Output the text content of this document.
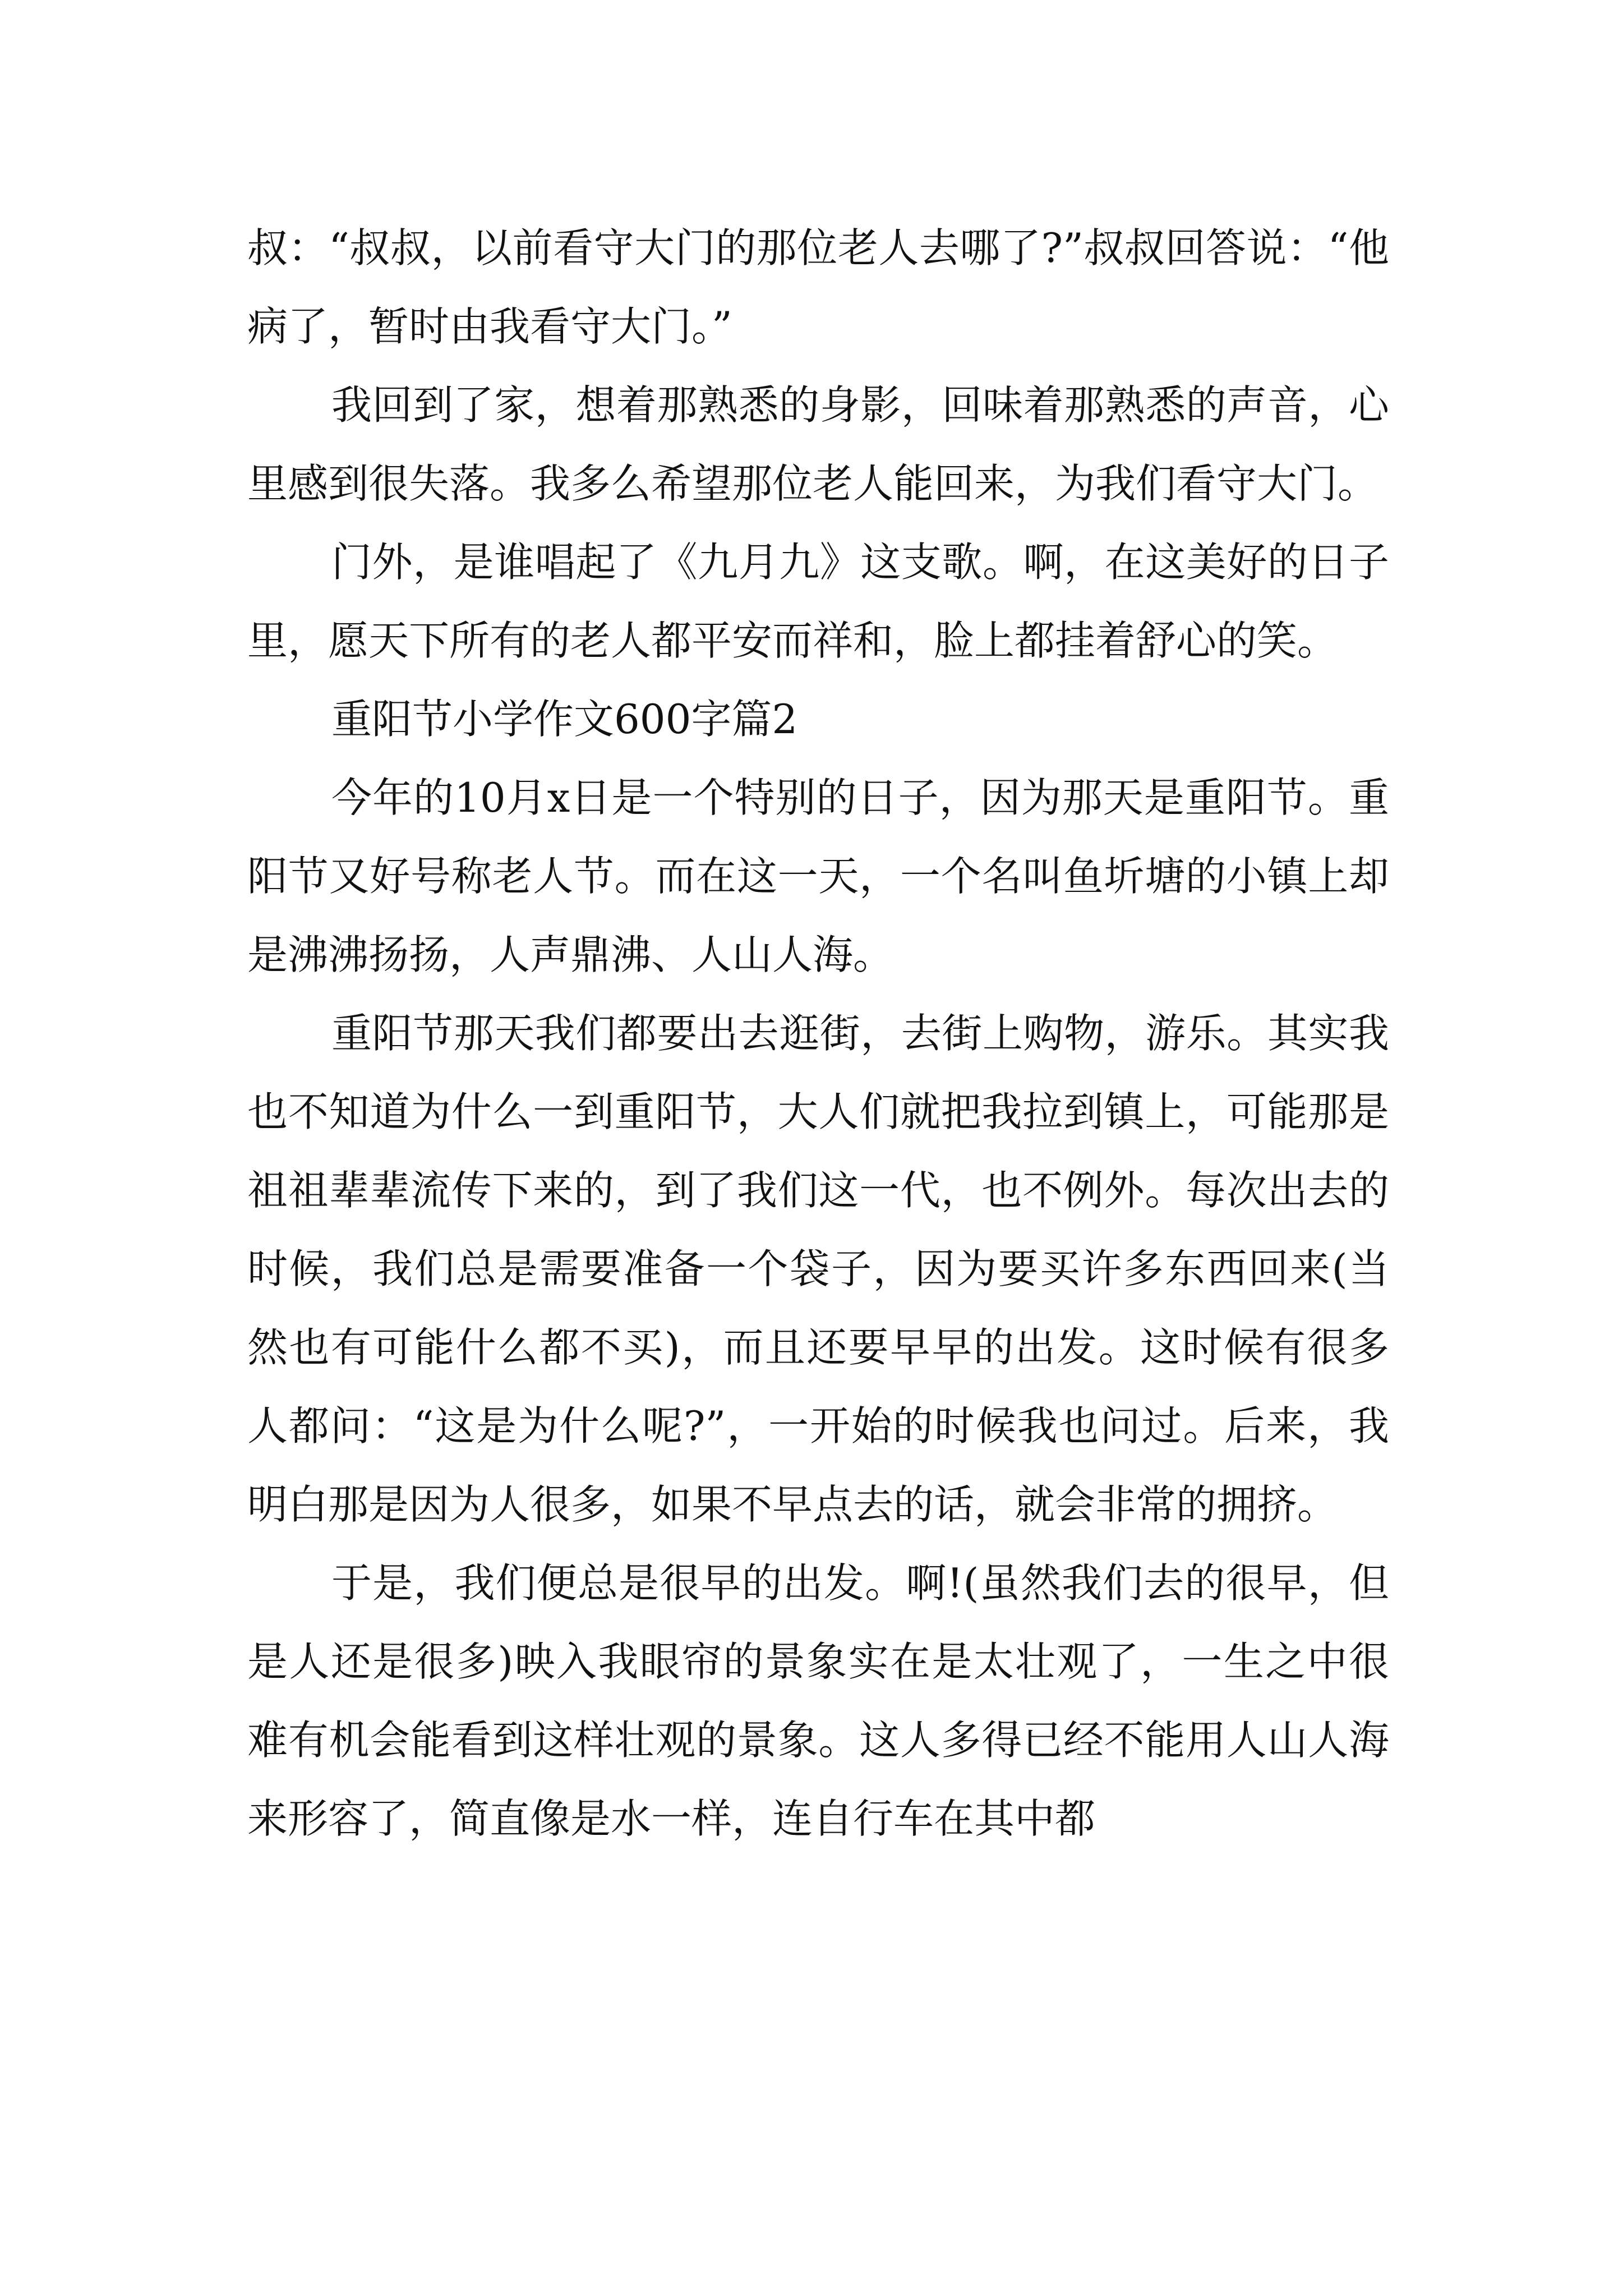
叔：“叔叔，以前看守大门的那位老人去哪了?”叔叔回答说：“他病了，暂时由我看守大门。”

我回到了家，想着那熟悉的身影，回味着那熟悉的声音，心里感到很失落。我多么希望那位老人能回来，为我们看守大门。

门外，是谁唱起了《九月九》这支歌。啊，在这美好的日子里，愿天下所有的老人都平安而祥和，脸上都挂着舒心的笑。

重阳节小学作文600字篇2

今年的10月x日是一个特别的日子，因为那天是重阳节。重阳节又好号称老人节。而在这一天，一个名叫鱼圻塘的小镇上却是沸沸扬扬，人声鼎沸、人山人海。

重阳节那天我们都要出去逛街，去街上购物，游乐。其实我也不知道为什么一到重阳节，大人们就把我拉到镇上，可能那是祖祖辈辈流传下来的，到了我们这一代，也不例外。每次出去的时候，我们总是需要准备一个袋子，因为要买许多东西回来(当然也有可能什么都不买)，而且还要早早的出发。这时候有很多人都问：“这是为什么呢?”，一开始的时候我也问过。后来，我明白那是因为人很多，如果不早点去的话，就会非常的拥挤。

于是，我们便总是很早的出发。啊!(虽然我们去的很早，但是人还是很多)映入我眼帘的景象实在是太壮观了，一生之中很难有机会能看到这样壮观的景象。这人多得已经不能用人山人海来形容了，简直像是水一样，连自行车在其中都
